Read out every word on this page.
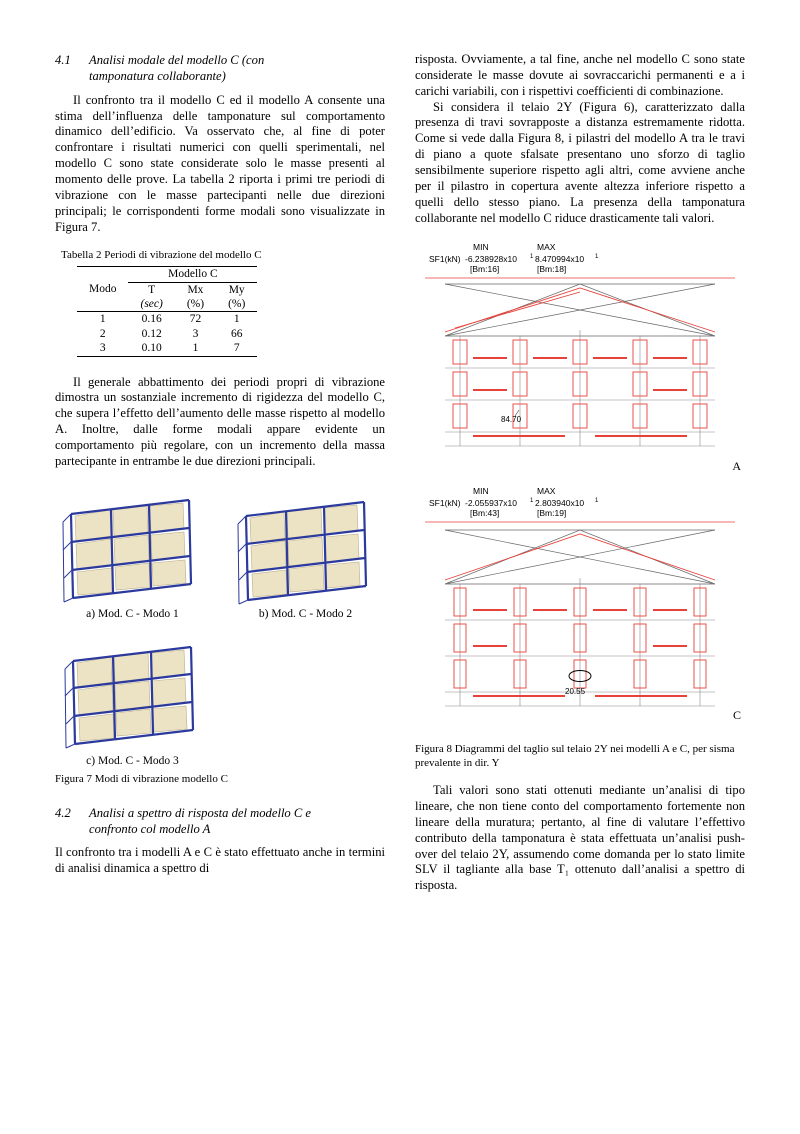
4.1 Analisi modale del modello C (con
tamponatura collaborante)

Il confronto tra il modello C ed il modello A consente una stima dell’influenza delle tamponature sul comportamento dinamico dell’edificio. Va osservato che, al fine di poter confrontare i risultati numerici con quelli sperimentali, nel modello C sono state considerate solo le masse presenti al momento delle prove. La tabella 2 riporta i primi tre periodi di vibrazione con le masse partecipanti nelle due direzioni principali; le corrispondenti forme modali sono visualizzate in Figura 7.

Tabella 2 Periodi di vibrazione del modello C
	Modello C		
Modo	T	Mx	My
	(sec)	(%)	(%)
1	0.16	72	1
2	0.12	3	66
3	0.10	1	7

Il generale abbattimento dei periodi propri di vibrazione dimostra un sostanziale incremento di rigidezza del modello C, che supera l’effetto dell’aumento delle masse rispetto al modello A. Inoltre, dalle forme modali appare evidente un comportamento più regolare, con un incremento della massa partecipante in entrambe le due direzioni principali.

a) Mod. C - Modo 1	b) Mod. C - Modo 2
c) Mod. C - Modo 3
Figura 7 Modi di vibrazione modello C
4.2 Analisi a spettro di risposta del modello C e
confronto col modello A

Il confronto tra i modelli A e C è stato effettuato anche in termini di analisi dinamica a spettro di

risposta. Ovviamente, a tal fine, anche nel modello C sono state considerate le masse dovute ai sovraccarichi permanenti e a i carichi variabili, con i rispettivi coefficienti di combinazione.

Si considera il telaio 2Y (Figura 6), caratterizzato dalla presenza di travi sovrapposte a distanza estremamente ridotta. Come si vede dalla Figura 8, i pilastri del modello A tra le travi di piano a quote sfalsate presentano uno sforzo di taglio sensibilmente superiore rispetto agli altri, come avviene anche per il pilastro in copertura avente altezza inferiore rispetto a quelli dello stesso piano. La presenza della tamponatura collaborante nel modello C riduce drasticamente tali valori.

MIN	MAX
SF1(kN) -6.238928x10 1 8.470994x10 1
[Bm:16]	[Bm:18]
84.70
A
MIN	MAX
SF1(kN) -2.055937x10 1 2.803940x10 1
[Bm:43]	[Bm:19]
20.55
C
Figura 8 Diagrammi del taglio sul telaio 2Y nei modelli A e C, per sisma prevalente in dir. Y

Tali valori sono stati ottenuti mediante un’analisi di tipo lineare, che non tiene conto del comportamento fortemente non lineare della muratura; pertanto, al fine di valutare l’effettivo contributo della tamponatura è stata effettuata un’analisi push-over del telaio 2Y, assumendo come domanda per lo stato limite SLV il tagliante alla base T₁ ottenuto dall’analisi a spettro di risposta.
